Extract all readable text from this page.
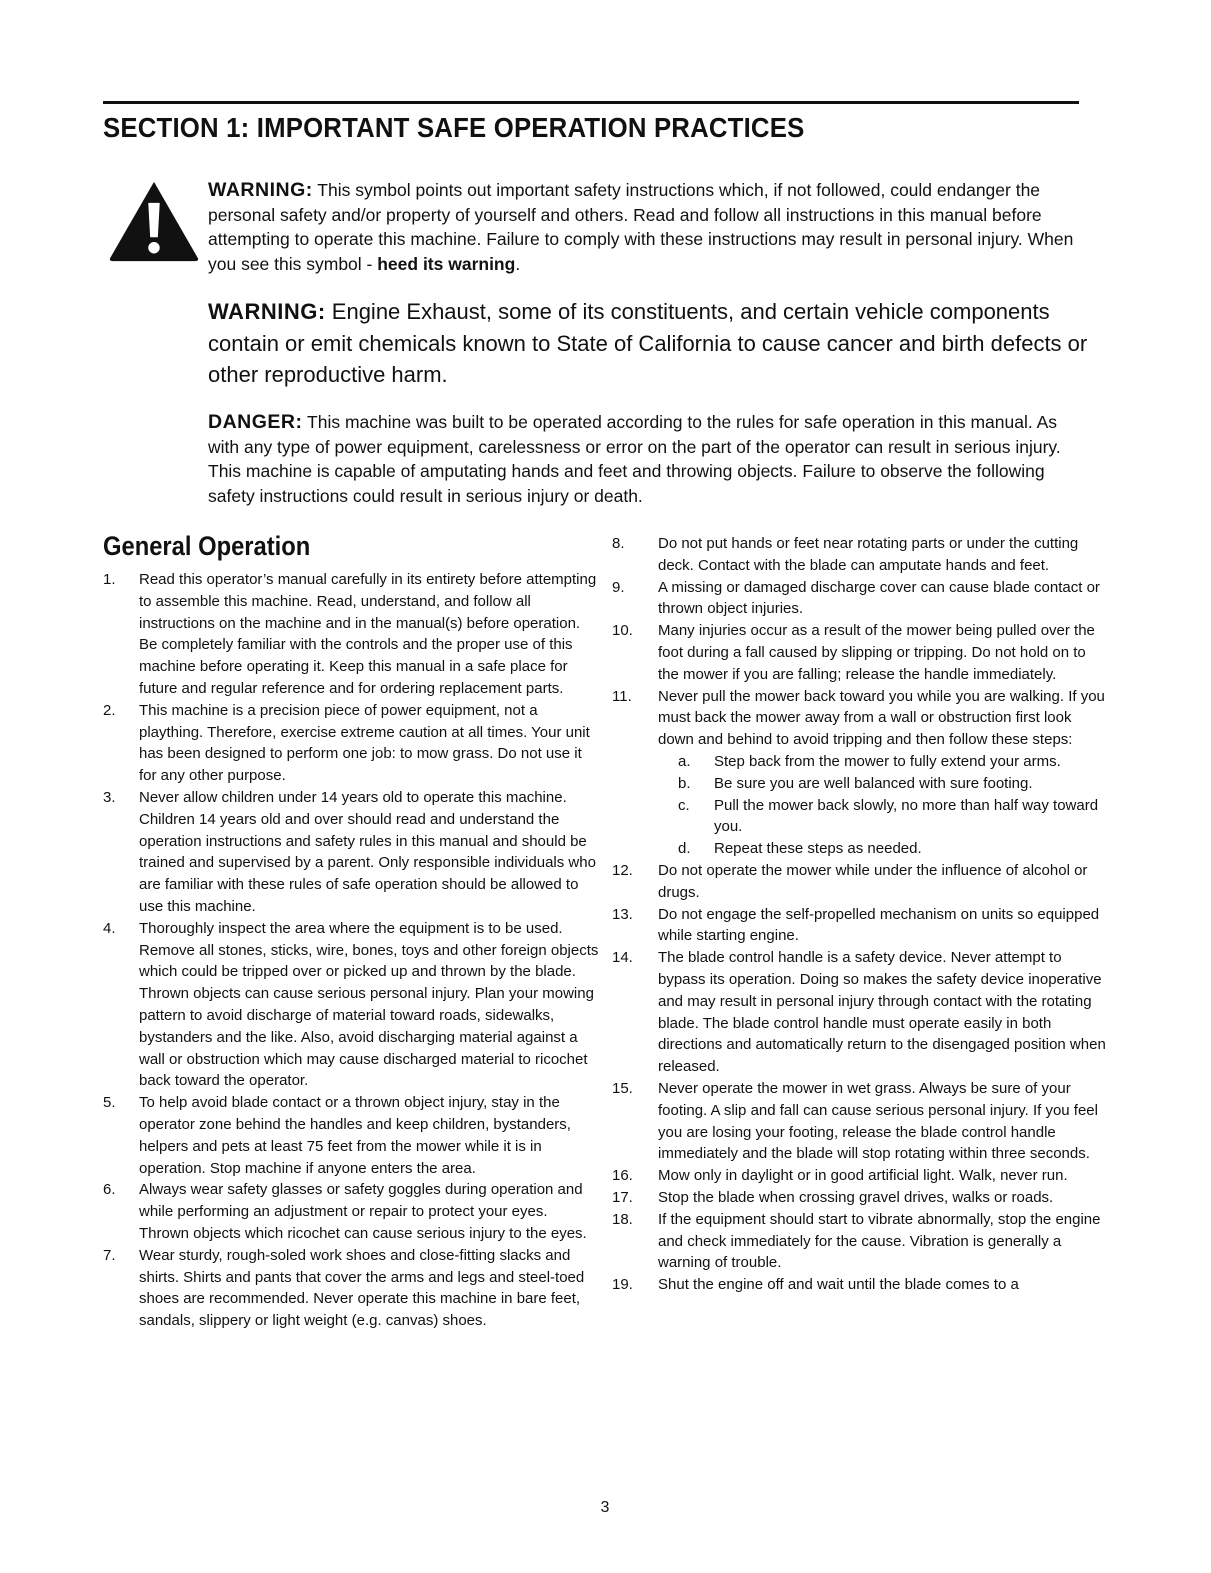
SECTION 1: IMPORTANT SAFE OPERATION PRACTICES

WARNING: This symbol points out important safety instructions which, if not followed, could endanger the personal safety and/or property of yourself and others. Read and follow all instructions in this manual before attempting to operate this machine. Failure to comply with these instructions may result in personal injury. When you see this symbol - heed its warning.

WARNING: Engine Exhaust, some of its constituents, and certain vehicle components contain or emit chemicals known to State of California to cause cancer and birth defects or other reproductive harm.

DANGER: This machine was built to be operated according to the rules for safe operation in this manual. As with any type of power equipment, carelessness or error on the part of the operator can result in serious injury. This machine is capable of amputating hands and feet and throwing objects. Failure to observe the following safety instructions could result in serious injury or death.

General Operation
1. Read this operator’s manual carefully in its entirety before attempting to assemble this machine. Read, understand, and follow all instructions on the machine and in the manual(s) before operation. Be completely familiar with the controls and the proper use of this machine before operating it. Keep this manual in a safe place for future and regular reference and for ordering replacement parts.
2. This machine is a precision piece of power equipment, not a plaything. Therefore, exercise extreme caution at all times. Your unit has been designed to perform one job: to mow grass. Do not use it for any other purpose.
3. Never allow children under 14 years old to operate this machine. Children 14 years old and over should read and understand the operation instructions and safety rules in this manual and should be trained and supervised by a parent. Only responsible individuals who are familiar with these rules of safe operation should be allowed to use this machine.
4. Thoroughly inspect the area where the equipment is to be used. Remove all stones, sticks, wire, bones, toys and other foreign objects which could be tripped over or picked up and thrown by the blade. Thrown objects can cause serious personal injury. Plan your mowing pattern to avoid discharge of material toward roads, sidewalks, bystanders and the like. Also, avoid discharging material against a wall or obstruction which may cause discharged material to ricochet back toward the operator.
5. To help avoid blade contact or a thrown object injury, stay in the operator zone behind the handles and keep children, bystanders, helpers and pets at least 75 feet from the mower while it is in operation. Stop machine if anyone enters the area.
6. Always wear safety glasses or safety goggles during operation and while performing an adjustment or repair to protect your eyes. Thrown objects which ricochet can cause serious injury to the eyes.
7. Wear sturdy, rough-soled work shoes and close-fitting slacks and shirts. Shirts and pants that cover the arms and legs and steel-toed shoes are recommended. Never operate this machine in bare feet, sandals, slippery or light weight (e.g. canvas) shoes.
8. Do not put hands or feet near rotating parts or under the cutting deck. Contact with the blade can amputate hands and feet.
9. A missing or damaged discharge cover can cause blade contact or thrown object injuries.
10. Many injuries occur as a result of the mower being pulled over the foot during a fall caused by slipping or tripping. Do not hold on to the mower if you are falling; release the handle immediately.
11. Never pull the mower back toward you while you are walking. If you must back the mower away from a wall or obstruction first look down and behind to avoid tripping and then follow these steps:
a. Step back from the mower to fully extend your arms.
b. Be sure you are well balanced with sure footing.
c. Pull the mower back slowly, no more than half way toward you.
d. Repeat these steps as needed.
12. Do not operate the mower while under the influence of alcohol or drugs.
13. Do not engage the self-propelled mechanism on units so equipped while starting engine.
14. The blade control handle is a safety device. Never attempt to bypass its operation. Doing so makes the safety device inoperative and may result in personal injury through contact with the rotating blade. The blade control handle must operate easily in both directions and automatically return to the disengaged position when released.
15. Never operate the mower in wet grass. Always be sure of your footing. A slip and fall can cause serious personal injury. If you feel you are losing your footing, release the blade control handle immediately and the blade will stop rotating within three seconds.
16. Mow only in daylight or in good artificial light. Walk, never run.
17. Stop the blade when crossing gravel drives, walks or roads.
18. If the equipment should start to vibrate abnormally, stop the engine and check immediately for the cause. Vibration is generally a warning of trouble.
19. Shut the engine off and wait until the blade comes to a
3
